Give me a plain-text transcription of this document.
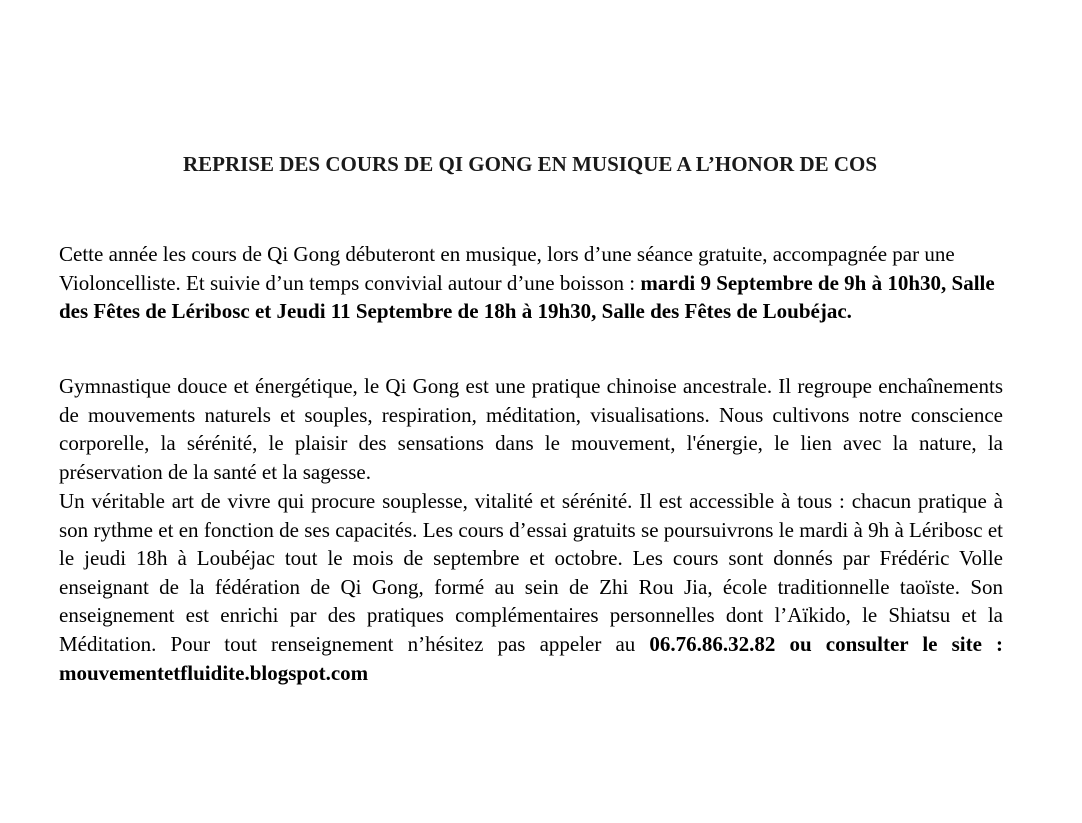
REPRISE DES COURS DE QI GONG EN MUSIQUE A L’HONOR DE COS

Cette année les cours de Qi Gong débuteront en musique, lors d’une séance gratuite, accompagnée par une Violoncelliste. Et suivie d’un temps convivial autour d’une boisson : mardi 9 Septembre de 9h à 10h30, Salle des Fêtes de Léribosc et Jeudi 11 Septembre de 18h à 19h30, Salle des Fêtes de Loubéjac.

Gymnastique douce et énergétique, le Qi Gong est une pratique chinoise ancestrale. Il regroupe enchaînements de mouvements naturels et souples, respiration, méditation, visualisations. Nous cultivons notre conscience corporelle, la sérénité, le plaisir des sensations dans le mouvement, l'énergie, le lien avec la nature, la préservation de la santé et la sagesse.

Un véritable art de vivre qui procure souplesse, vitalité et sérénité. Il est accessible à tous : chacun pratique à son rythme et en fonction de ses capacités. Les cours d’essai gratuits se poursuivrons le mardi à 9h à Léribosc et le jeudi 18h à Loubéjac tout le mois de septembre et octobre. Les cours sont donnés par Frédéric Volle enseignant de la fédération de Qi Gong, formé au sein de Zhi Rou Jia, école traditionnelle taoïste. Son enseignement est enrichi par des pratiques complémentaires personnelles dont l’Aïkido, le Shiatsu et la Méditation. Pour tout renseignement n’hésitez pas appeler au 06.76.86.32.82 ou consulter le site : mouvementetfluidite.blogspot.com
